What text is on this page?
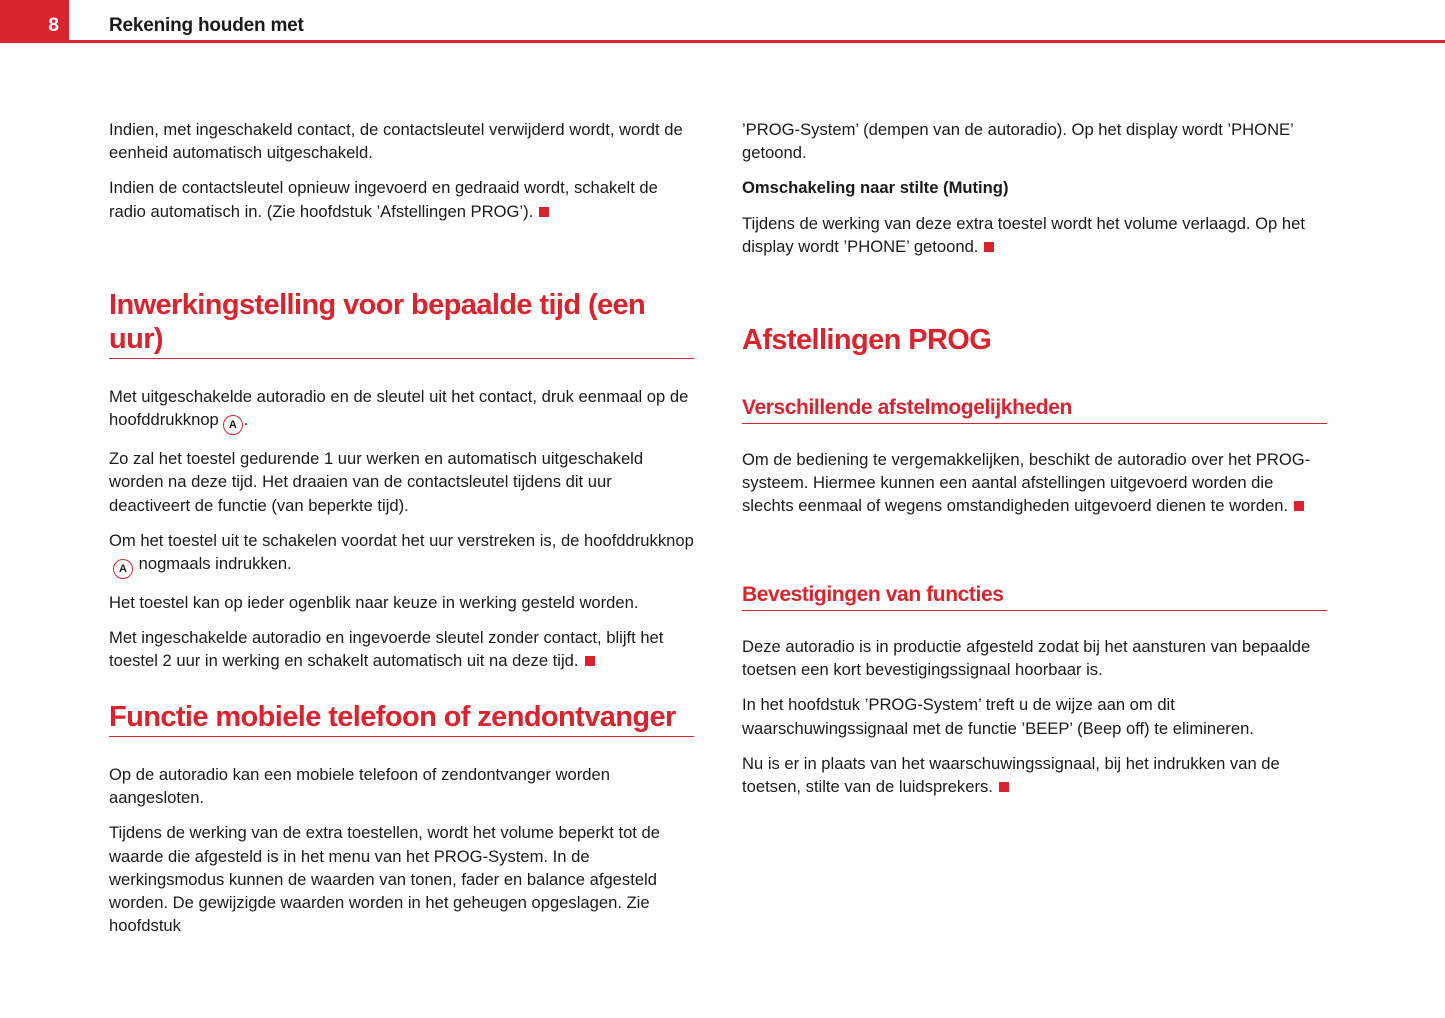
8	Rekening houden met

Indien, met ingeschakeld contact, de contactsleutel verwijderd wordt, wordt de eenheid automatisch uitgeschakeld.

Indien de contactsleutel opnieuw ingevoerd en gedraaid wordt, schakelt de radio automatisch in. (Zie hoofdstuk ’Afstellingen PROG’).

Inwerkingstelling voor bepaalde tijd (een uur)

Met uitgeschakelde autoradio en de sleutel uit het contact, druk eenmaal op de hoofddrukknop A .

Zo zal het toestel gedurende 1 uur werken en automatisch uitgeschakeld worden na deze tijd. Het draaien van de contactsleutel tijdens dit uur deactiveert de functie (van beperkte tijd).

Om het toestel uit te schakelen voordat het uur verstreken is, de hoofddrukknopA nogmaals indrukken.

Het toestel kan op ieder ogenblik naar keuze in werking gesteld worden.

Met ingeschakelde autoradio en ingevoerde sleutel zonder contact, blijft het toestel 2 uur in werking en schakelt automatisch uit na deze tijd.

Functie mobiele telefoon of zendontvanger

Op de autoradio kan een mobiele telefoon of zendontvanger worden aangesloten.

Tijdens de werking van de extra toestellen, wordt het volume beperkt tot de waarde die afgesteld is in het menu van het PROG-System. In de werkingsmodus kunnen de waarden van tonen, fader en balance afgesteld worden. De gewijzigde waarden worden in het geheugen opgeslagen. Zie hoofdstuk

’PROG-System’ (dempen van de autoradio). Op het display wordt ’PHONE’ getoond.

Omschakeling naar stilte (Muting)

Tijdens de werking van deze extra toestel wordt het volume verlaagd. Op het display wordt ’PHONE’ getoond.

Afstellingen PROG
Verschillende afstelmogelijkheden

Om de bediening te vergemakkelijken, beschikt de autoradio over het PROG-systeem. Hiermee kunnen een aantal afstellingen uitgevoerd worden die slechts eenmaal of wegens omstandigheden uitgevoerd dienen te worden.

Bevestigingen van functies

Deze autoradio is in productie afgesteld zodat bij het aansturen van bepaalde toetsen een kort bevestigingssignaal hoorbaar is.

In het hoofdstuk ’PROG-System’ treft u de wijze aan om dit waarschuwingssignaal met de functie ’BEEP’ (Beep off) te elimineren.

Nu is er in plaats van het waarschuwingssignaal, bij het indrukken van de toetsen, stilte van de luidsprekers.
